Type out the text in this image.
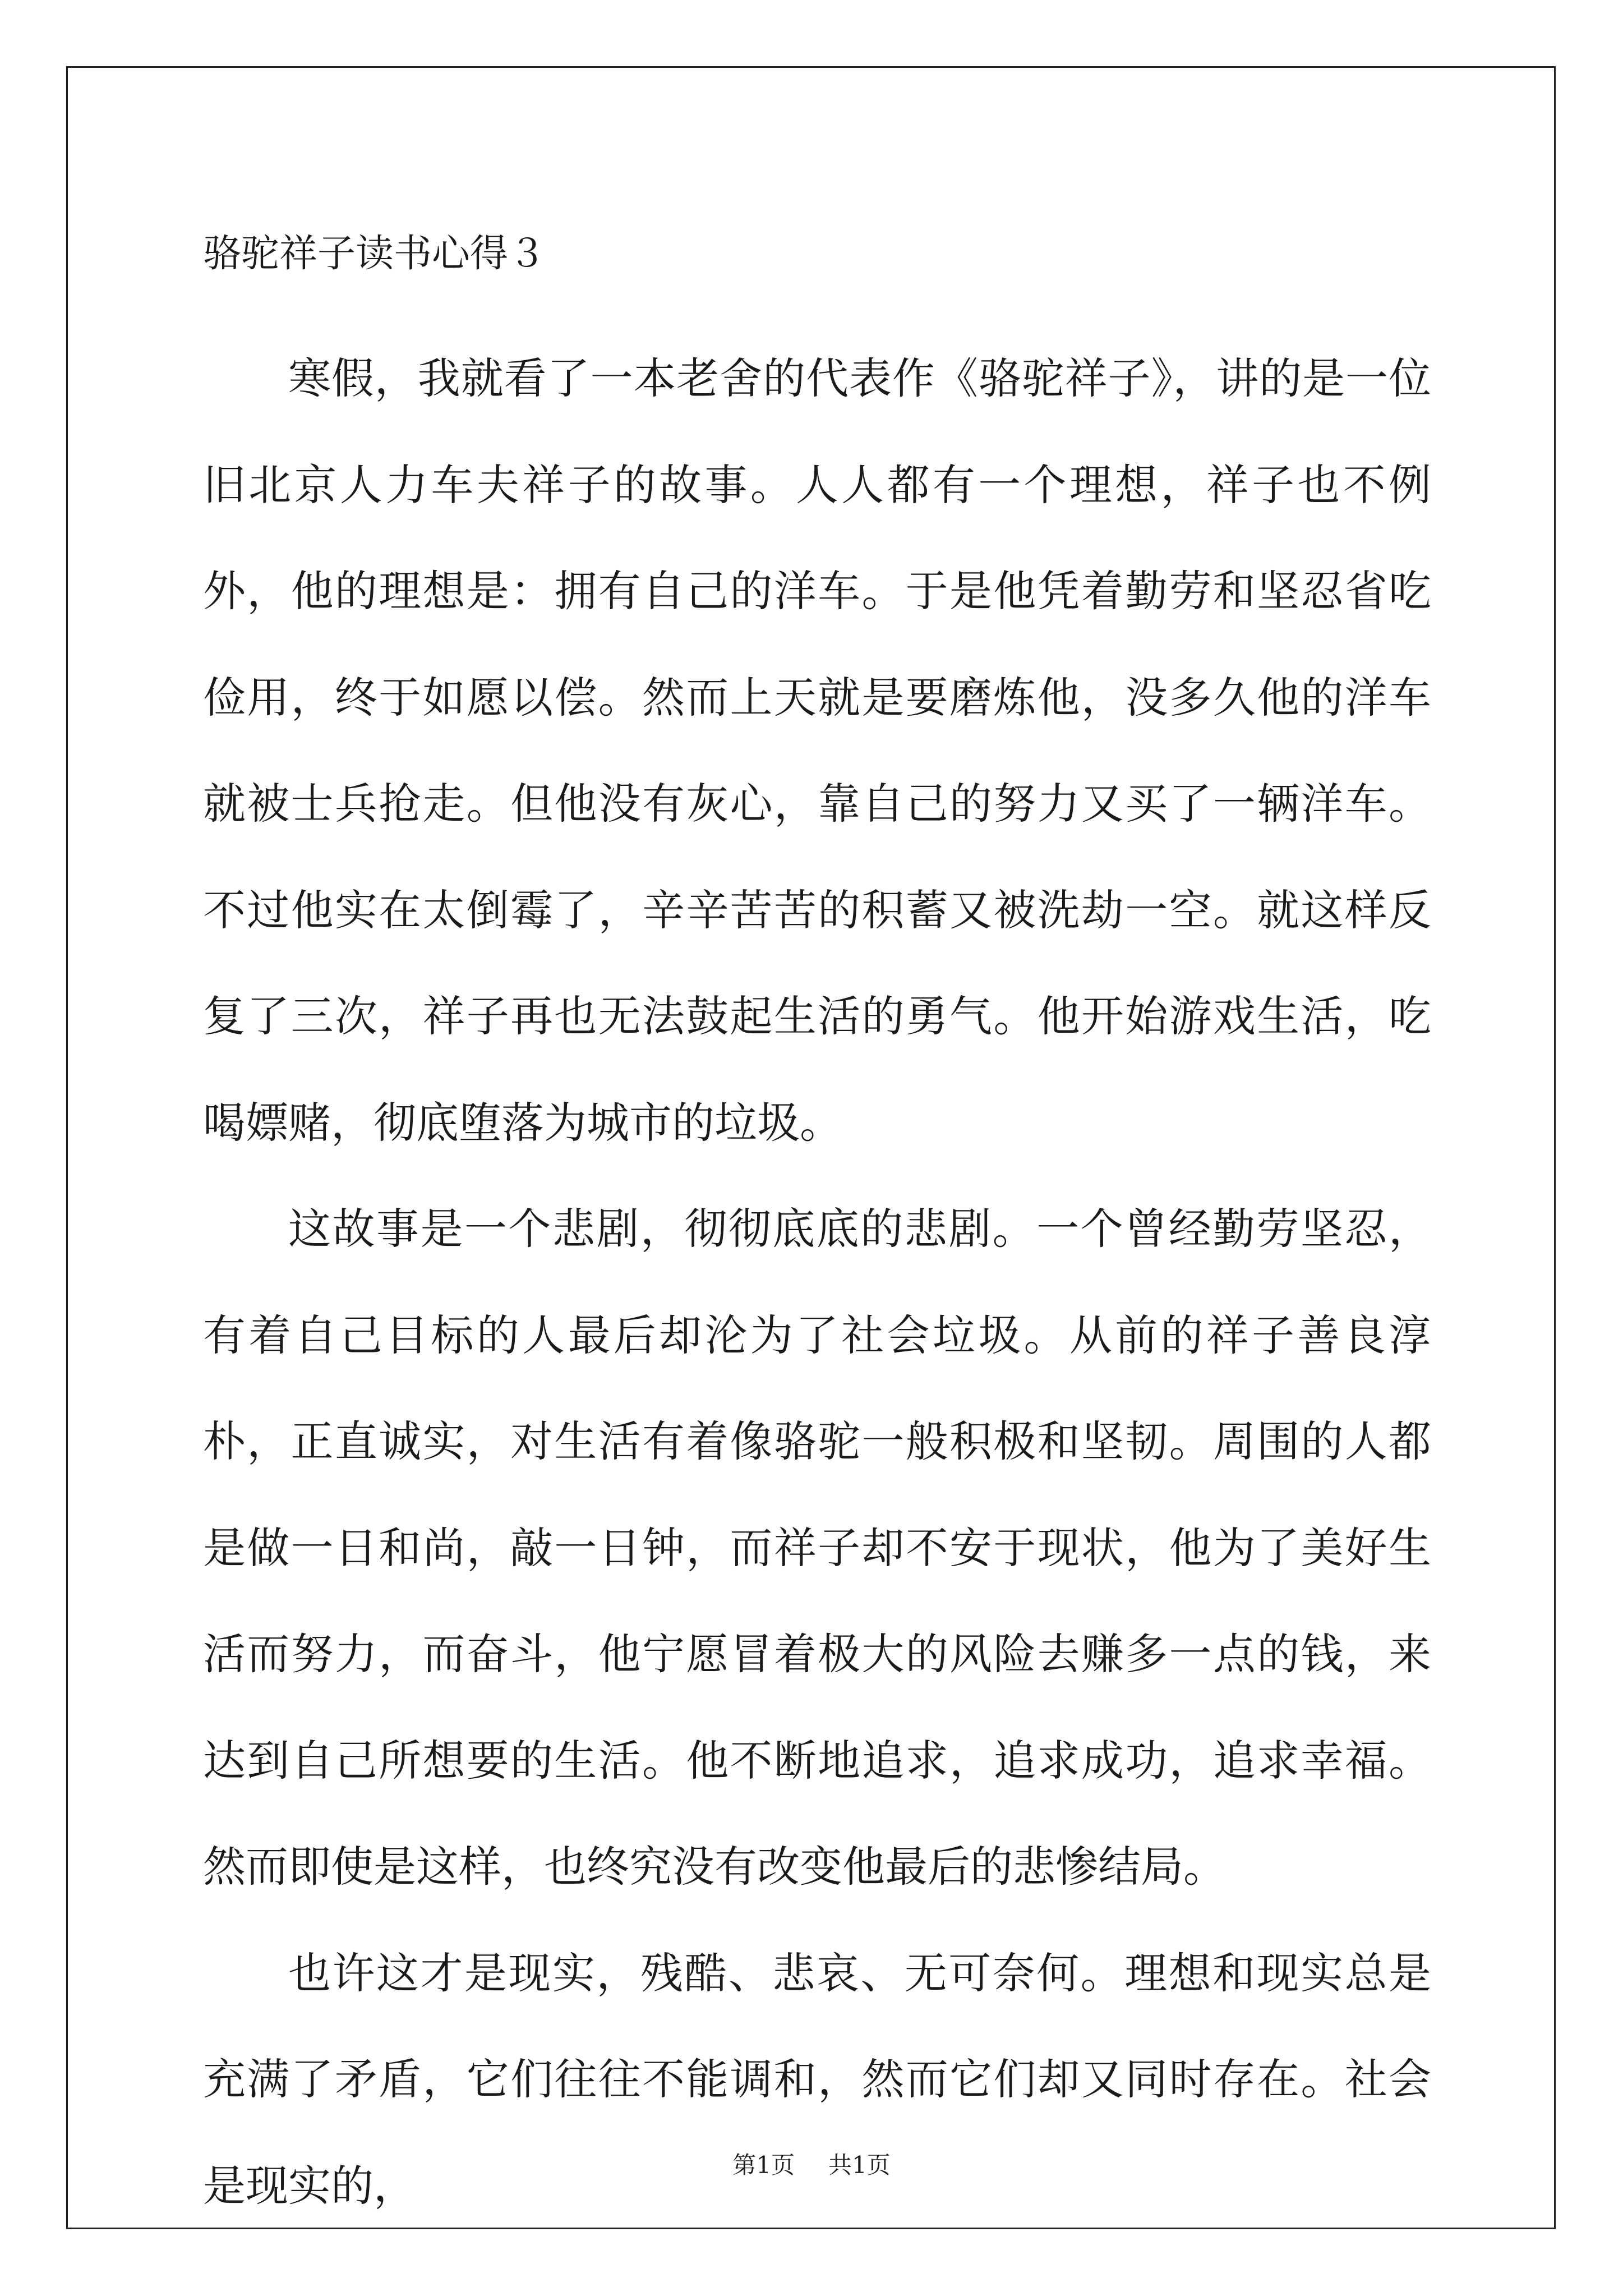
骆驼祥子读书心得３

寒假，我就看了一本老舍的代表作《骆驼祥子》，讲的是一位旧北京人力车夫祥子的故事。人人都有一个理想，祥子也不例外，他的理想是：拥有自己的洋车。于是他凭着勤劳和坚忍省吃俭用，终于如愿以偿。然而上天就是要磨炼他，没多久他的洋车就被士兵抢走。但他没有灰心，靠自己的努力又买了一辆洋车。不过他实在太倒霉了，辛辛苦苦的积蓄又被洗劫一空。就这样反复了三次，祥子再也无法鼓起生活的勇气。他开始游戏生活，吃喝嫖赌，彻底堕落为城市的垃圾。

这故事是一个悲剧，彻彻底底的悲剧。一个曾经勤劳坚忍，有着自己目标的人最后却沦为了社会垃圾。从前的祥子善良淳朴，正直诚实，对生活有着像骆驼一般积极和坚韧。周围的人都是做一日和尚，敲一日钟，而祥子却不安于现状，他为了美好生活而努力，而奋斗，他宁愿冒着极大的风险去赚多一点的钱，来达到自己所想要的生活。他不断地追求，追求成功，追求幸福。然而即使是这样，也终究没有改变他最后的悲惨结局。

也许这才是现实，残酷、悲哀、无可奈何。理想和现实总是充满了矛盾，它们往往不能调和，然而它们却又同时存在。社会是现实的，	第1页 共1页
